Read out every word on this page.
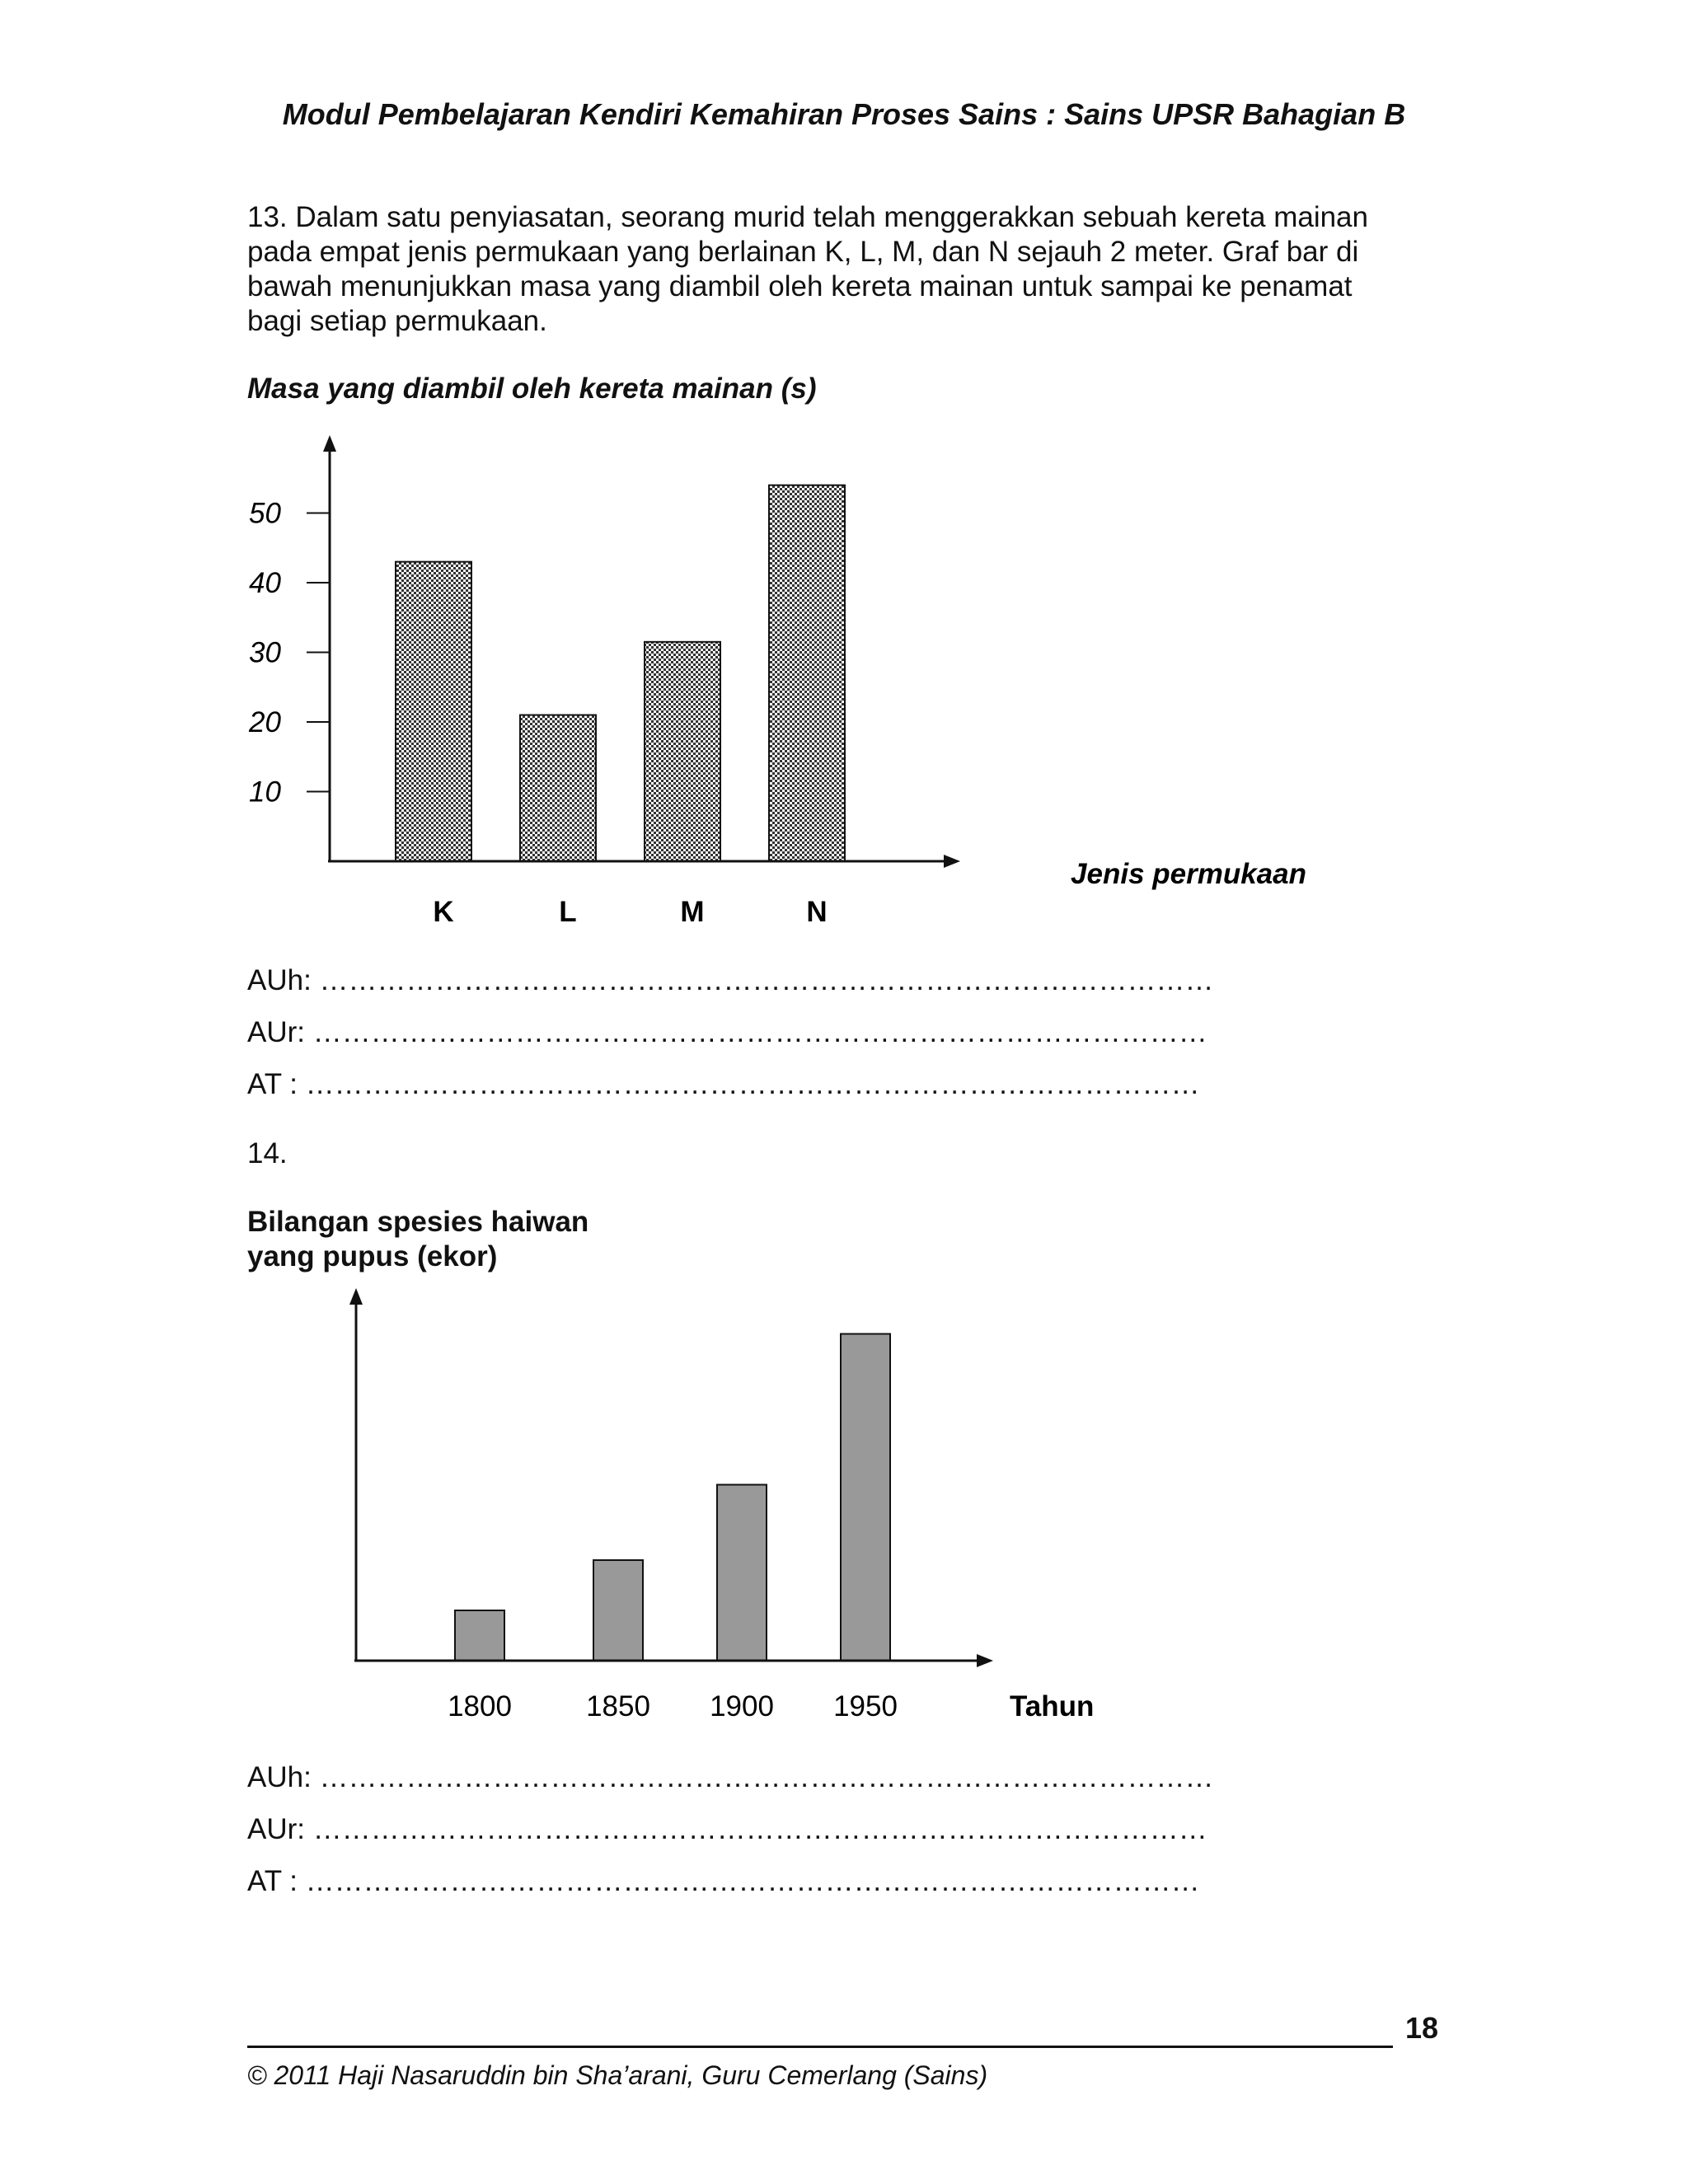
Modul Pembelajaran Kendiri Kemahiran Proses Sains : Sains UPSR Bahagian B
13. Dalam satu penyiasatan, seorang murid telah menggerakkan sebuah kereta mainan
pada empat jenis permukaan yang berlainan K, L, M, dan N sejauh 2 meter. Graf bar di
bawah menunjukkan masa yang diambil oleh kereta mainan untuk sampai ke penamat
bagi setiap permukaan.
Masa yang diambil oleh kereta mainan (s)
10
20
30
40
50
K	L	M	N
Jenis permukaan
AUh: …………………………………………………………………………………
AUr: …………………………………………………………………………………
AT : …………………………………………………………………………………
14.
Bilangan spesies haiwan
yang pupus (ekor)
1800	1850 1900 1950	Tahun
AUh: …………………………………………………………………………………
AUr: …………………………………………………………………………………
AT : …………………………………………………………………………………
18
© 2011 Haji Nasaruddin bin Sha’arani, Guru Cemerlang (Sains)
